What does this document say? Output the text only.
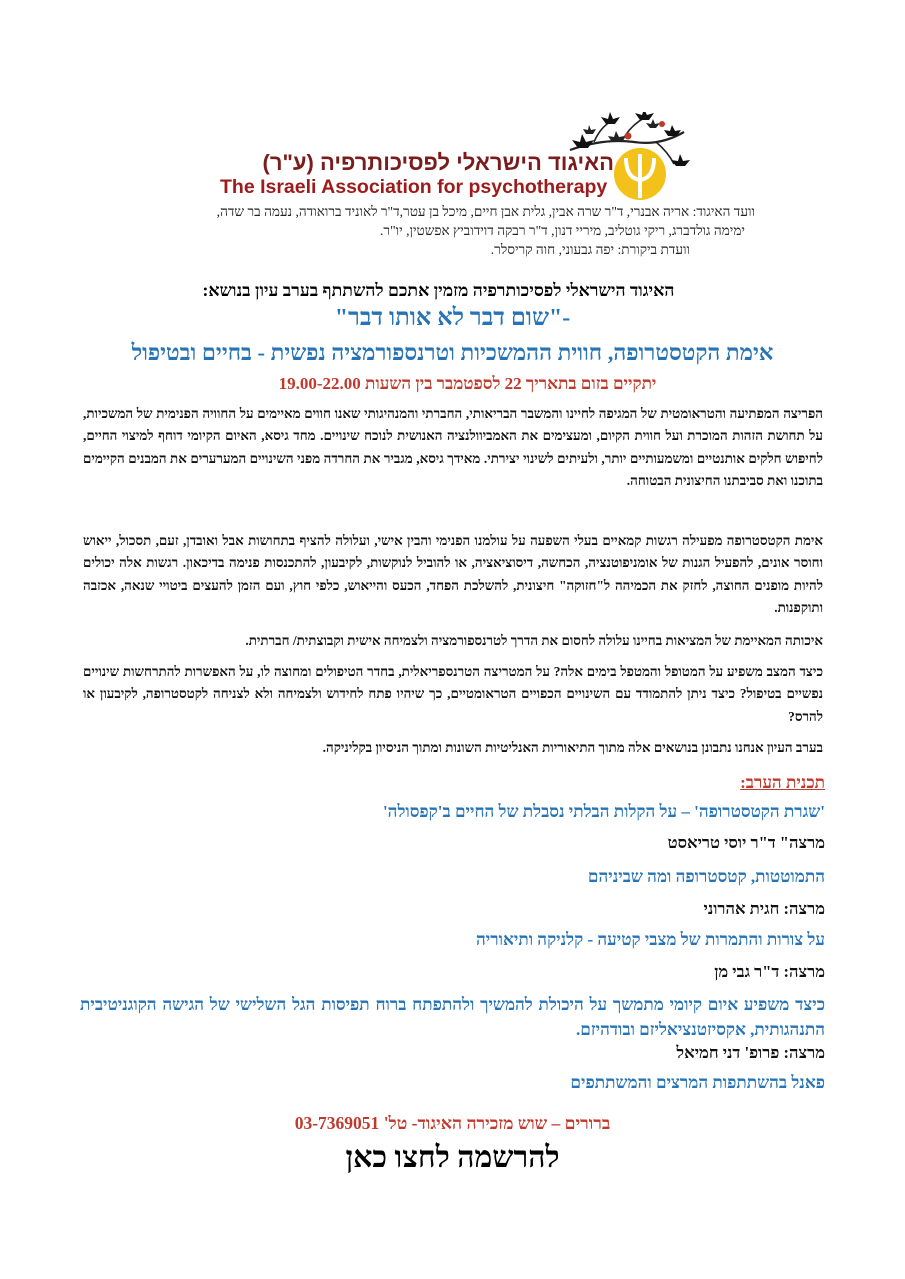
האיגוד הישראלי לפסיכותרפיה (ע"ר)
The Israeli Association for psychotherapy
וועד האיגוד: אריה אבנרי, ד"ר שרה אבין, גלית אבן חיים, מיכל בן עטר,ד"ר לאוניד ברואודה, נעמה בר שדה,
ימימה גולדברג, ריקי גוטליב, מיריי דנון, ד"ר רבקה דוידוביץ אפשטין, יו"ר.
וועדת ביקורת: יפה גבעוני, חוה קריסלר.
האיגוד הישראלי לפסיכותרפיה מזמין אתכם להשתתף בערב עיון בנושא:
-"שום דבר לא אותו דבר"
אימת הקטסטרופה, חווית ההמשכיות וטרנספורמציה נפשית - בחיים ובטיפול
יתקיים בזום בתאריך 22 לספטמבר בין השעות 19.00-22.00
הפריצה המפתיעה והטראומטית של המגיפה לחיינו והמשבר הבריאותי, החברתי והמנהיגותי שאנו חווים מאיימים על החוויה הפנימית של המשכיות, על תחושת הזהות המוכרת ועל חווית הקיום, ומעצימים את האמביוולנציה האנושית לנוכח שינויים. מחד גיסא, האיום הקיומי דוחף למיצוי החיים, לחיפוש חלקים אותנטיים ומשמעותיים יותר, ולעיתים לשינוי יצירתי. מאידך גיסא, מגביר את החרדה מפני השינויים המערערים את המבנים הקיימים בתוכנו ואת סביבתנו החיצונית הבטוחה.
אימת הקטסטרופה מפעילה רגשות קמאיים בעלי השפעה על עולמנו הפנימי והבין אישי, ועלולה להציף בתחושות אבל ואובדן, זעם, תסכול, ייאוש וחוסר אונים, להפעיל הגנות של אומניפוטנציה, הכחשה, דיסוציאציה, או להוביל לנוקשות, לקיבעון, להתכנסות פנימה בדיכאון. רגשות אלה יכולים להיות מופנים החוצה, לחזק את הכמיהה ל"חזוקה" חיצונית, להשלכת הפחד, הכעס והייאוש, כלפי חוץ, ועם הזמן להעצים ביטויי שנאה, אכזבה ותוקפנות.
איכותה המאיימת של המציאות בחיינו עלולה לחסום את הדרך לטרנספורמציה ולצמיחה אישית וקבוצתית/ חברתית.
כיצד המצב משפיע על המטופל והמטפל בימים אלה? על המטריצה הטרנספריאלית, בחדר הטיפולים ומחוצה לו, על האפשרות להתרחשות שינויים נפשיים בטיפול? כיצד ניתן להתמודד עם השינויים הכפויים הטראומטיים, כך שיהיו פתח לחידוש ולצמיחה ולא לצניחה לקטסטרופה, לקיבעון או להרס?
בערב העיון אנחנו נתבונן בנושאים אלה מתוך התיאוריות האנליטיות השונות ומתוך הניסיון בקליניקה.
תכנית הערב:
'שגרת הקטסטרופה' – על הקלות הבלתי נסבלת של החיים ב'קפסולה'
מרצה" ד"ר יוסי טריאסט
התמוטטות, קטסטרופה ומה שביניהם
מרצה: חגית אהרוני
על צורות והתמרות של מצבי קטיעה - קלניקה ותיאוריה
מרצה: ד"ר גבי מן
כיצד משפיע איום קיומי מתמשך על היכולת להמשיך ולהתפתח ברוח תפיסות הגל השלישי של הגישה הקוגניטיבית התנהגותית, אקסיזטנציאליזם ובודהיזם.
מרצה: פרופ' דני חמיאל
פאנל בהשתתפות המרצים והמשתתפים
ברורים – שוש מזכירה האיגוד- טל' 03-7369051
להרשמה לחצו כאן
